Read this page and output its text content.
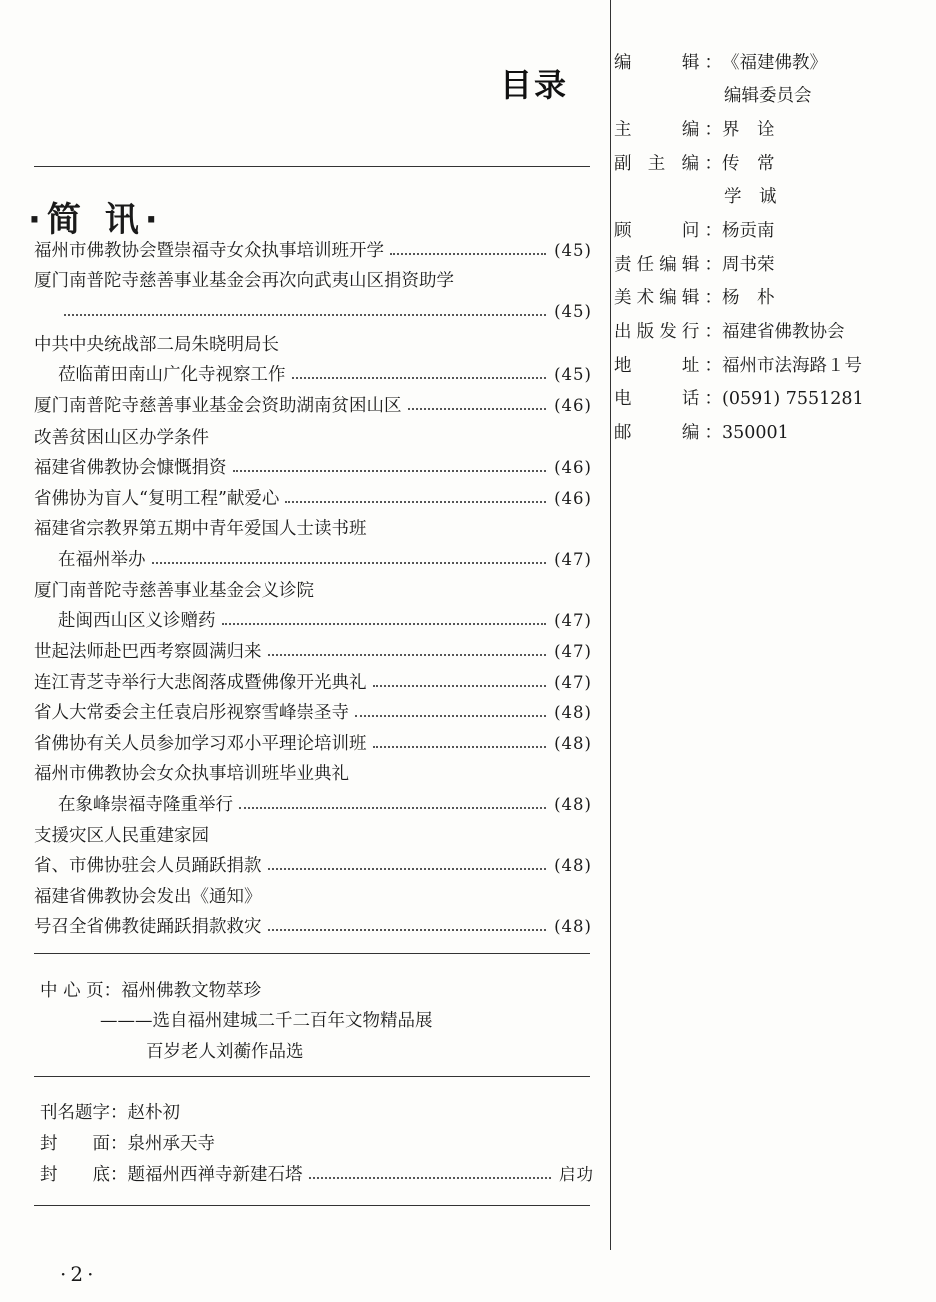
目录
·简 讯·
福州市佛教协会暨崇福寺女众执事培训班开学	(45)
厦门南普陀寺慈善事业基金会再次向武夷山区捐资助学
(45)
中共中央统战部二局朱晓明局长
莅临莆田南山广化寺视察工作	(45)
厦门南普陀寺慈善事业基金会资助湖南贫困山区	(46)
改善贫困山区办学条件
福建省佛教协会慷慨捐资	(46)
省佛协为盲人“复明工程”献爱心	(46)
福建省宗教界第五期中青年爱国人士读书班
在福州举办	(47)
厦门南普陀寺慈善事业基金会义诊院
赴闽西山区义诊赠药	(47)
世起法师赴巴西考察圆满归来	(47)
连江青芝寺举行大悲阁落成暨佛像开光典礼	(47)
省人大常委会主任袁启彤视察雪峰崇圣寺	(48)
省佛协有关人员参加学习邓小平理论培训班	(48)
福州市佛教协会女众执事培训班毕业典礼
在象峰崇福寺隆重举行	(48)
支援灾区人民重建家园
省、市佛协驻会人员踊跃捐款	(48)
福建省佛教协会发出《通知》
号召全省佛教徒踊跃捐款救灾	(48)
中 心 页：福州佛教文物萃珍
———选自福州建城二千二百年文物精品展
百岁老人刘蘅作品选
刊名题字：赵朴初
封　　面：泉州承天寺
封　　底： 题福州西禅寺新建石塔	启功
编　　辑：《福建佛教》
编辑委员会
主　　编：界　诠
副 主 编：传　常
学　诚
顾　　问：杨贡南
责任编辑：周书荣
美术编辑：杨　朴
出版发行：福建省佛教协会
地　　址：福州市法海路１号
电　　话：(0591) 7551281
邮　　编：350001
·2·
